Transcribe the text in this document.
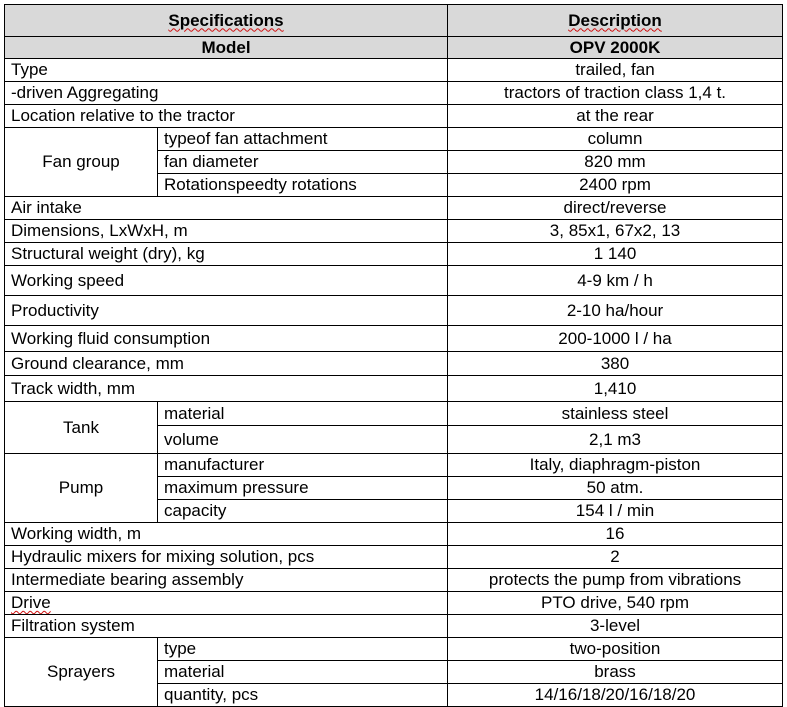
Specifications		Description
Model		OPV 2000K
Type		trailed, fan
-driven Aggregating		tractors of traction class 1,4 t.
Location relative to the tractor		at the rear
Fan group	typeof fan attachment	column
	fan diameter	820 mm
	Rotationspeedty rotations	2400 rpm
Air intake		direct/reverse
Dimensions, LxWxH, m		3, 85x1, 67x2, 13
Structural weight (dry), kg		1 140
Working speed		4-9 km / h
Productivity		2-10 ha/hour
Working fluid consumption		200-1000 l / ha
Ground clearance, mm		380
Track width, mm		1,410
Tank	material	stainless steel
	volume	2,1 m3
Pump	manufacturer	Italy, diaphragm-piston
	maximum pressure	50 atm.
	capacity	154 l / min
Working width, m		16
Hydraulic mixers for mixing solution, pcs		2
Intermediate bearing assembly		protects the pump from vibrations
Drive		PTO drive, 540 rpm
Filtration system		3-level
Sprayers	type	two-position
	material	brass
	quantity, pcs	14/16/18/20/16/18/20
